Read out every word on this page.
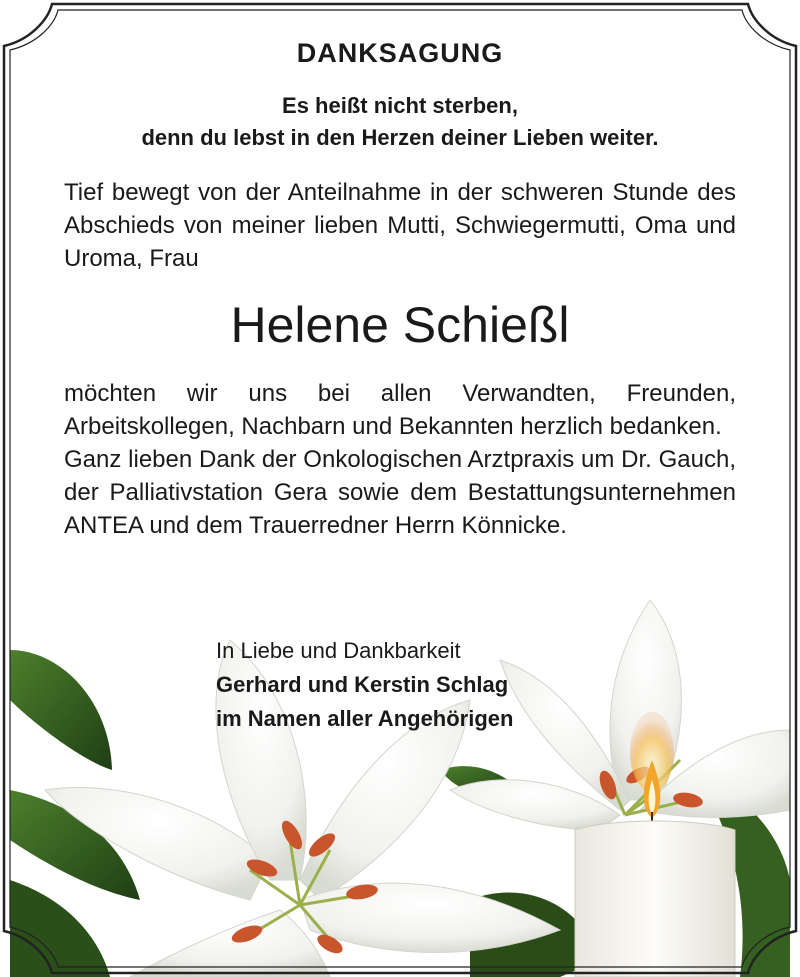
DANKSAGUNG

Es heißt nicht sterben,

denn du lebst in den Herzen deiner Lieben weiter.

Tief bewegt von der Anteilnahme in der schweren Stunde des Abschieds von meiner lieben Mutti, Schwiegermutti, Oma und Uroma, Frau

Helene Schießl

möchten wir uns bei allen Verwandten, Freunden, Arbeitskollegen, Nachbarn und Bekannten herzlich bedanken.

Ganz lieben Dank der Onkologischen Arztpraxis um Dr. Gauch, der Palliativstation Gera sowie dem Bestattungsunternehmen ANTEA und dem Trauerredner Herrn Könnicke.

In Liebe und Dankbarkeit

Gerhard und Kerstin Schlag

im Namen aller Angehörigen
